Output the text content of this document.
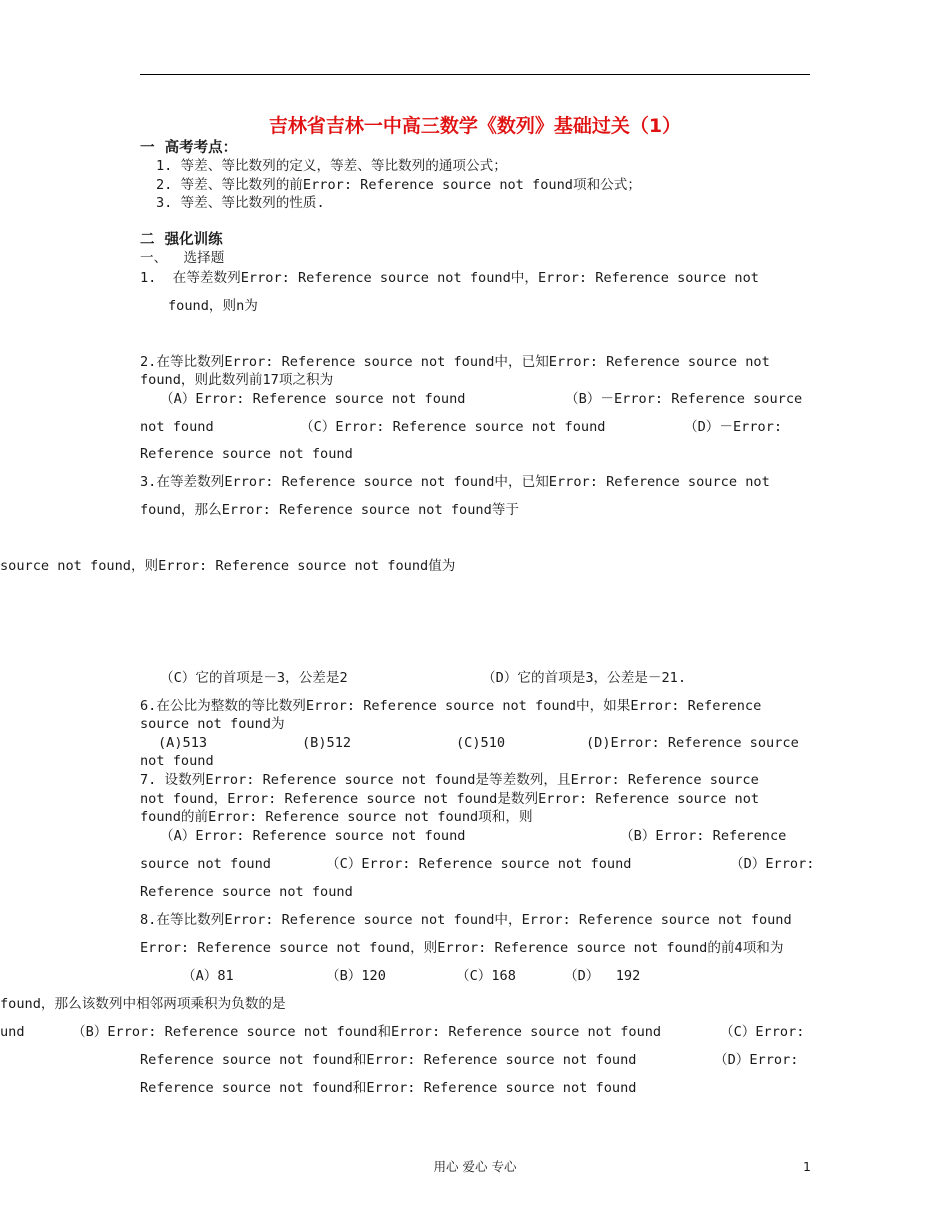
吉林省吉林一中高三数学《数列》基础过关（1）
一  高考考点：
1. 等差、等比数列的定义，等差、等比数列的通项公式；
2. 等差、等比数列的前Error: Reference source not found项和公式；
3. 等差、等比数列的性质.
二  强化训练
一、  选择题
1.  在等差数列Error: Reference source not found中，Error: Reference source not
found，则n为
2.在等比数列Error: Reference source not found中，已知Error: Reference source not
found，则此数列前17项之积为
（A）Error: Reference source not found	（B）－Error: Reference source
not found	（C）Error: Reference source not found	（D）－Error:
Reference source not found
3.在等差数列Error: Reference source not found中，已知Error: Reference source not
found，那么Error: Reference source not found等于
source not found，则Error: Reference source not found值为
（C）它的首项是－3，公差是2	（D）它的首项是3，公差是－21.
6.在公比为整数的等比数列Error: Reference source not found中，如果Error: Reference
source not found为
(A)513	(B)512	(C)510	(D)Error: Reference source
not found
7. 设数列Error: Reference source not found是等差数列，且Error: Reference source
not found，Error: Reference source not found是数列Error: Reference source not
found的前Error: Reference source not found项和，则
（A）Error: Reference source not found	（B）Error: Reference
source not found	（C）Error: Reference source not found	（D）Error:
Reference source not found
8.在等比数列Error: Reference source not found中，Error: Reference source not found
Error: Reference source not found，则Error: Reference source not found的前4项和为
（A）81	（B）120	（C）168	（D）  192
found，那么该数列中相邻两项乘积为负数的是
und	（B）Error: Reference source not found和Error: Reference source not found	（C）Error:
Reference source not found和Error: Reference source not found	（D）Error:
Reference source not found和Error: Reference source not found
用心 爱心 专心	1
